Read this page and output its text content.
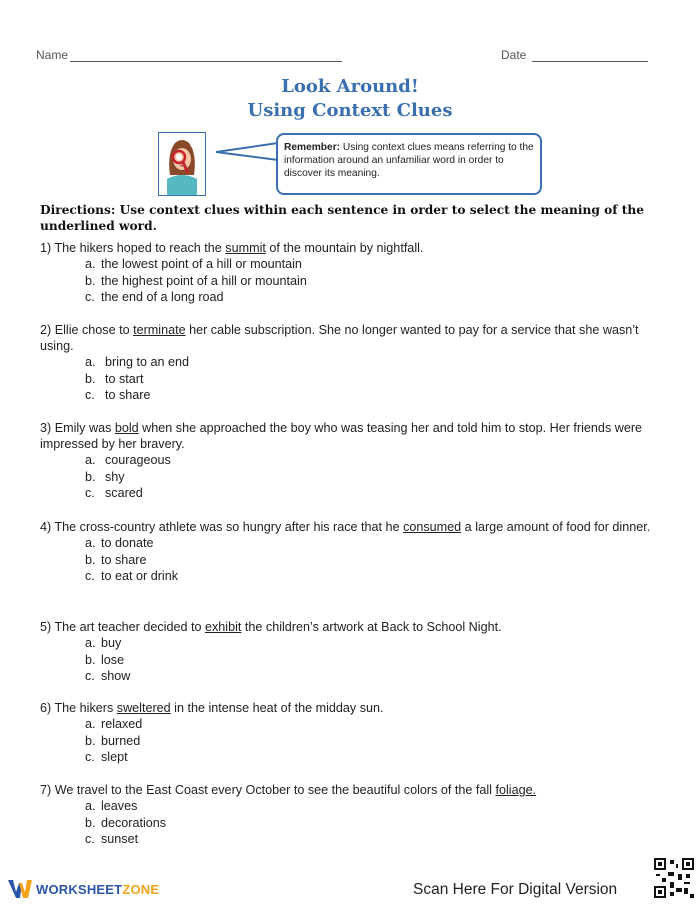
Name	Date
Look Around!
Using Context Clues
Remember: Using context clues means referring to the information around an unfamiliar word in order to discover its meaning.
Directions: Use context clues within each sentence in order to select the meaning of the underlined word.
1) The hikers hoped to reach the summit of the mountain by nightfall.
a. the lowest point of a hill or mountain
b. the highest point of a hill or mountain
c. the end of a long road
2) Ellie chose to terminate her cable subscription. She no longer wanted to pay for a service that she wasn’t using.
a. bring to an end
b. to start
c. to share
3) Emily was bold when she approached the boy who was teasing her and told him to stop. Her friends were impressed by her bravery.
a. courageous
b. shy
c. scared
4) The cross-country athlete was so hungry after his race that he consumed a large amount of food for dinner.
a. to donate
b. to share
c. to eat or drink
5) The art teacher decided to exhibit the children’s artwork at Back to School Night.
a. buy
b. lose
c. show
6) The hikers sweltered in the intense heat of the midday sun.
a. relaxed
b. burned
c. slept
7) We travel to the East Coast every October to see the beautiful colors of the fall foliage.
a. leaves
b. decorations
c. sunset
WORKSHEETZONE	Scan Here For Digital Version
